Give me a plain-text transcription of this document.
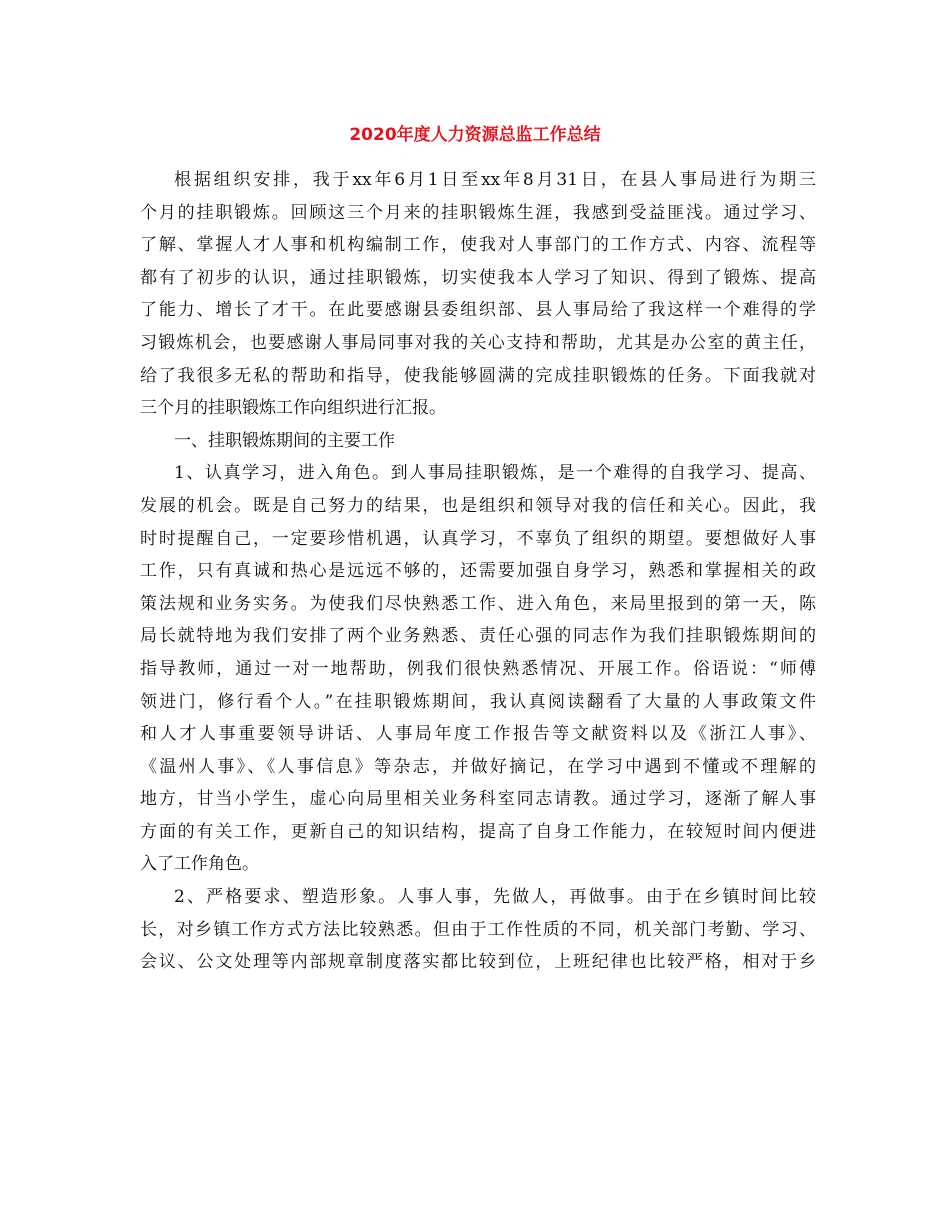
2020年度人力资源总监工作总结
根据组织安排，我于xx年6月1日至xx年8月31日，在县人事局进行为期三
个月的挂职锻炼。回顾这三个月来的挂职锻炼生涯，我感到受益匪浅。通过学习、
了解、掌握人才人事和机构编制工作，使我对人事部门的工作方式、内容、流程等
都有了初步的认识，通过挂职锻炼，切实使我本人学习了知识、得到了锻炼、提高
了能力、增长了才干。在此要感谢县委组织部、县人事局给了我这样一个难得的学
习锻炼机会，也要感谢人事局同事对我的关心支持和帮助，尤其是办公室的黄主任，
给了我很多无私的帮助和指导，使我能够圆满的完成挂职锻炼的任务。下面我就对
三个月的挂职锻炼工作向组织进行汇报。
一、挂职锻炼期间的主要工作
1、认真学习，进入角色。到人事局挂职锻炼，是一个难得的自我学习、提高、
发展的机会。既是自己努力的结果，也是组织和领导对我的信任和关心。因此，我
时时提醒自己，一定要珍惜机遇，认真学习，不辜负了组织的期望。要想做好人事
工作，只有真诚和热心是远远不够的，还需要加强自身学习，熟悉和掌握相关的政
策法规和业务实务。为使我们尽快熟悉工作、进入角色，来局里报到的第一天，陈
局长就特地为我们安排了两个业务熟悉、责任心强的同志作为我们挂职锻炼期间的
指导教师，通过一对一地帮助，例我们很快熟悉情况、开展工作。俗语说：“师傅
领进门，修行看个人。”在挂职锻炼期间，我认真阅读翻看了大量的人事政策文件
和人才人事重要领导讲话、人事局年度工作报告等文献资料以及《浙江人事》、
《温州人事》、《人事信息》等杂志，并做好摘记，在学习中遇到不懂或不理解的
地方，甘当小学生，虚心向局里相关业务科室同志请教。通过学习，逐渐了解人事
方面的有关工作，更新自己的知识结构，提高了自身工作能力，在较短时间内便进
入了工作角色。
2、严格要求、塑造形象。人事人事，先做人，再做事。由于在乡镇时间比较
长，对乡镇工作方式方法比较熟悉。但由于工作性质的不同，机关部门考勤、学习、
会议、公文处理等内部规章制度落实都比较到位，上班纪律也比较严格，相对于乡
